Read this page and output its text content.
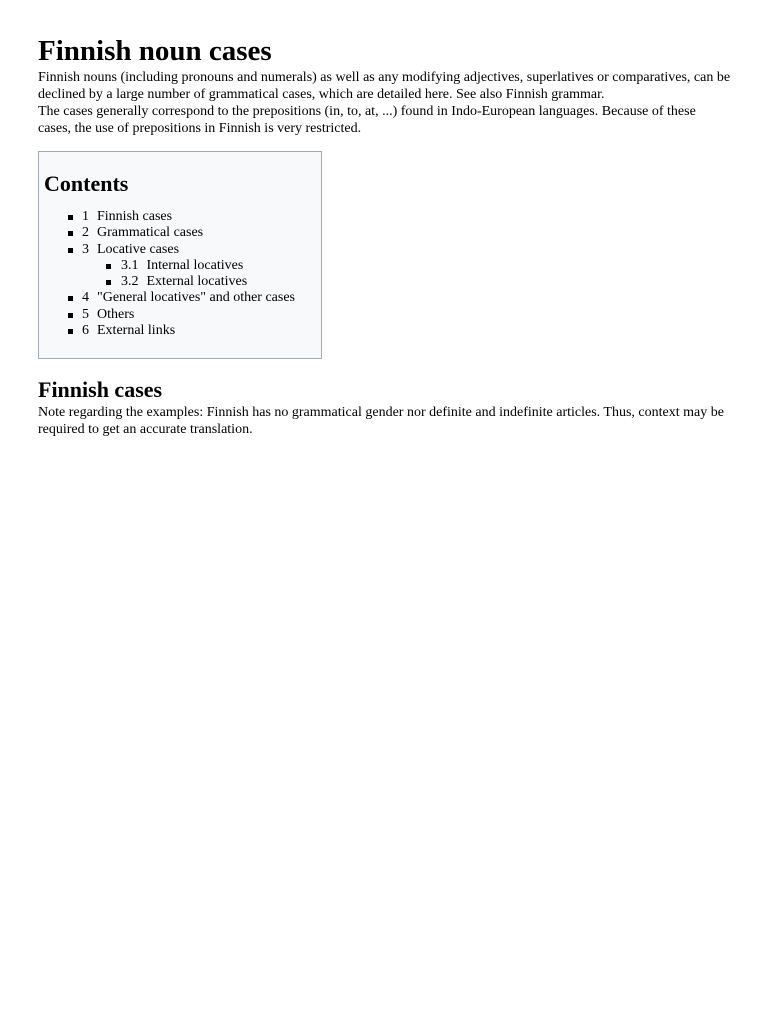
Finnish noun cases

Finnish nouns (including pronouns and numerals) as well as any modifying adjectives, superlatives or comparatives, can be declined by a large number of grammatical cases, which are detailed here. See also Finnish grammar.

The cases generally correspond to the prepositions (in, to, at, ...) found in Indo-European languages. Because of these cases, the use of prepositions in Finnish is very restricted.

Contents
1 Finnish cases
2 Grammatical cases
3 Locative cases
3.1 Internal locatives
3.2 External locatives
4 "General locatives" and other cases
5 Others
6 External links
Finnish cases

Note regarding the examples: Finnish has no grammatical gender nor definite and indefinite articles. Thus, context may be required to get an accurate translation.
